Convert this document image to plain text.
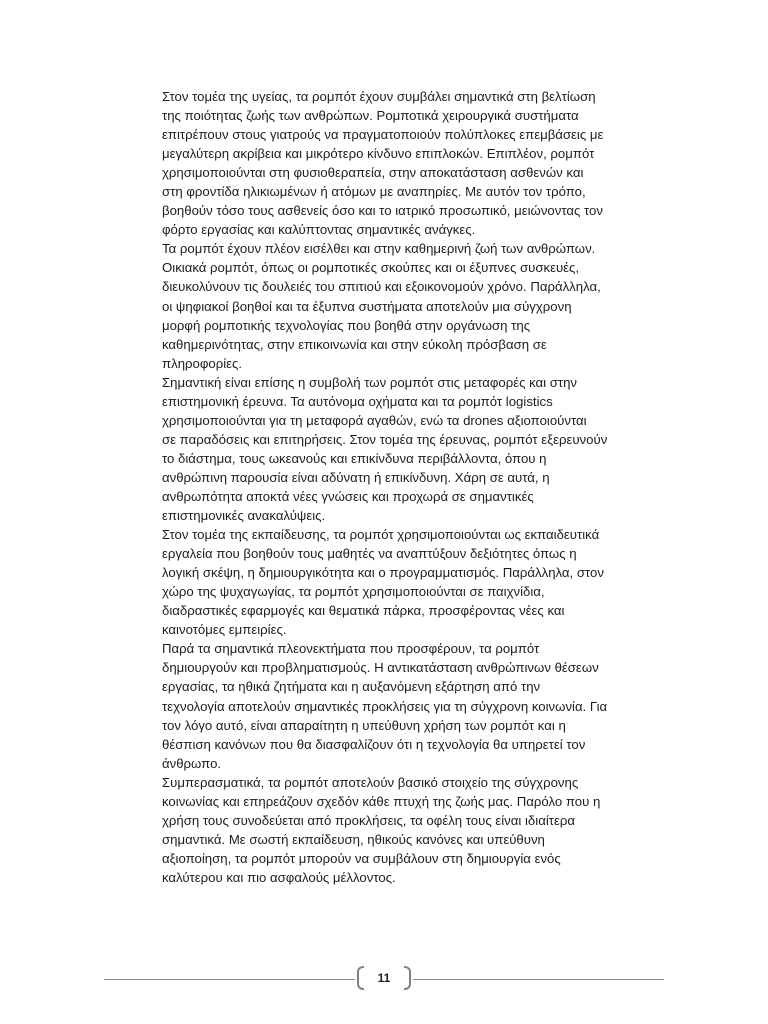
Στον τομέα της υγείας, τα ρομπότ έχουν συμβάλει σημαντικά στη βελτίωση
της ποιότητας ζωής των ανθρώπων. Ρομποτικά χειρουργικά συστήματα
επιτρέπουν στους γιατρούς να πραγματοποιούν πολύπλοκες επεμβάσεις με
μεγαλύτερη ακρίβεια και μικρότερο κίνδυνο επιπλοκών. Επιπλέον, ρομπότ
χρησιμοποιούνται στη φυσιοθεραπεία, στην αποκατάσταση ασθενών και
στη φροντίδα ηλικιωμένων ή ατόμων με αναπηρίες. Με αυτόν τον τρόπο,
βοηθούν τόσο τους ασθενείς όσο και το ιατρικό προσωπικό, μειώνοντας τον
φόρτο εργασίας και καλύπτοντας σημαντικές ανάγκες.
Τα ρομπότ έχουν πλέον εισέλθει και στην καθημερινή ζωή των ανθρώπων.
Οικιακά ρομπότ, όπως οι ρομποτικές σκούπες και οι έξυπνες συσκευές,
διευκολύνουν τις δουλειές του σπιτιού και εξοικονομούν χρόνο. Παράλληλα,
οι ψηφιακοί βοηθοί και τα έξυπνα συστήματα αποτελούν μια σύγχρονη
μορφή ρομποτικής τεχνολογίας που βοηθά στην οργάνωση της
καθημερινότητας, στην επικοινωνία και στην εύκολη πρόσβαση σε
πληροφορίες.
Σημαντική είναι επίσης η συμβολή των ρομπότ στις μεταφορές και στην
επιστημονική έρευνα. Τα αυτόνομα οχήματα και τα ρομπότ logistics
χρησιμοποιούνται για τη μεταφορά αγαθών, ενώ τα drones αξιοποιούνται
σε παραδόσεις και επιτηρήσεις. Στον τομέα της έρευνας, ρομπότ εξερευνούν
το διάστημα, τους ωκεανούς και επικίνδυνα περιβάλλοντα, όπου η
ανθρώπινη παρουσία είναι αδύνατη ή επικίνδυνη. Χάρη σε αυτά, η
ανθρωπότητα αποκτά νέες γνώσεις και προχωρά σε σημαντικές
επιστημονικές ανακαλύψεις.
Στον τομέα της εκπαίδευσης, τα ρομπότ χρησιμοποιούνται ως εκπαιδευτικά
εργαλεία που βοηθούν τους μαθητές να αναπτύξουν δεξιότητες όπως η
λογική σκέψη, η δημιουργικότητα και ο προγραμματισμός. Παράλληλα, στον
χώρο της ψυχαγωγίας, τα ρομπότ χρησιμοποιούνται σε παιχνίδια,
διαδραστικές εφαρμογές και θεματικά πάρκα, προσφέροντας νέες και
καινοτόμες εμπειρίες.
Παρά τα σημαντικά πλεονεκτήματα που προσφέρουν, τα ρομπότ
δημιουργούν και προβληματισμούς. Η αντικατάσταση ανθρώπινων θέσεων
εργασίας, τα ηθικά ζητήματα και η αυξανόμενη εξάρτηση από την
τεχνολογία αποτελούν σημαντικές προκλήσεις για τη σύγχρονη κοινωνία. Για
τον λόγο αυτό, είναι απαραίτητη η υπεύθυνη χρήση των ρομπότ και η
θέσπιση κανόνων που θα διασφαλίζουν ότι η τεχνολογία θα υπηρετεί τον
άνθρωπο.
Συμπερασματικά, τα ρομπότ αποτελούν βασικό στοιχείο της σύγχρονης
κοινωνίας και επηρεάζουν σχεδόν κάθε πτυχή της ζωής μας. Παρόλο που η
χρήση τους συνοδεύεται από προκλήσεις, τα οφέλη τους είναι ιδιαίτερα
σημαντικά. Με σωστή εκπαίδευση, ηθικούς κανόνες και υπεύθυνη
αξιοποίηση, τα ρομπότ μπορούν να συμβάλουν στη δημιουργία ενός
καλύτερου και πιο ασφαλούς μέλλοντος.
11
